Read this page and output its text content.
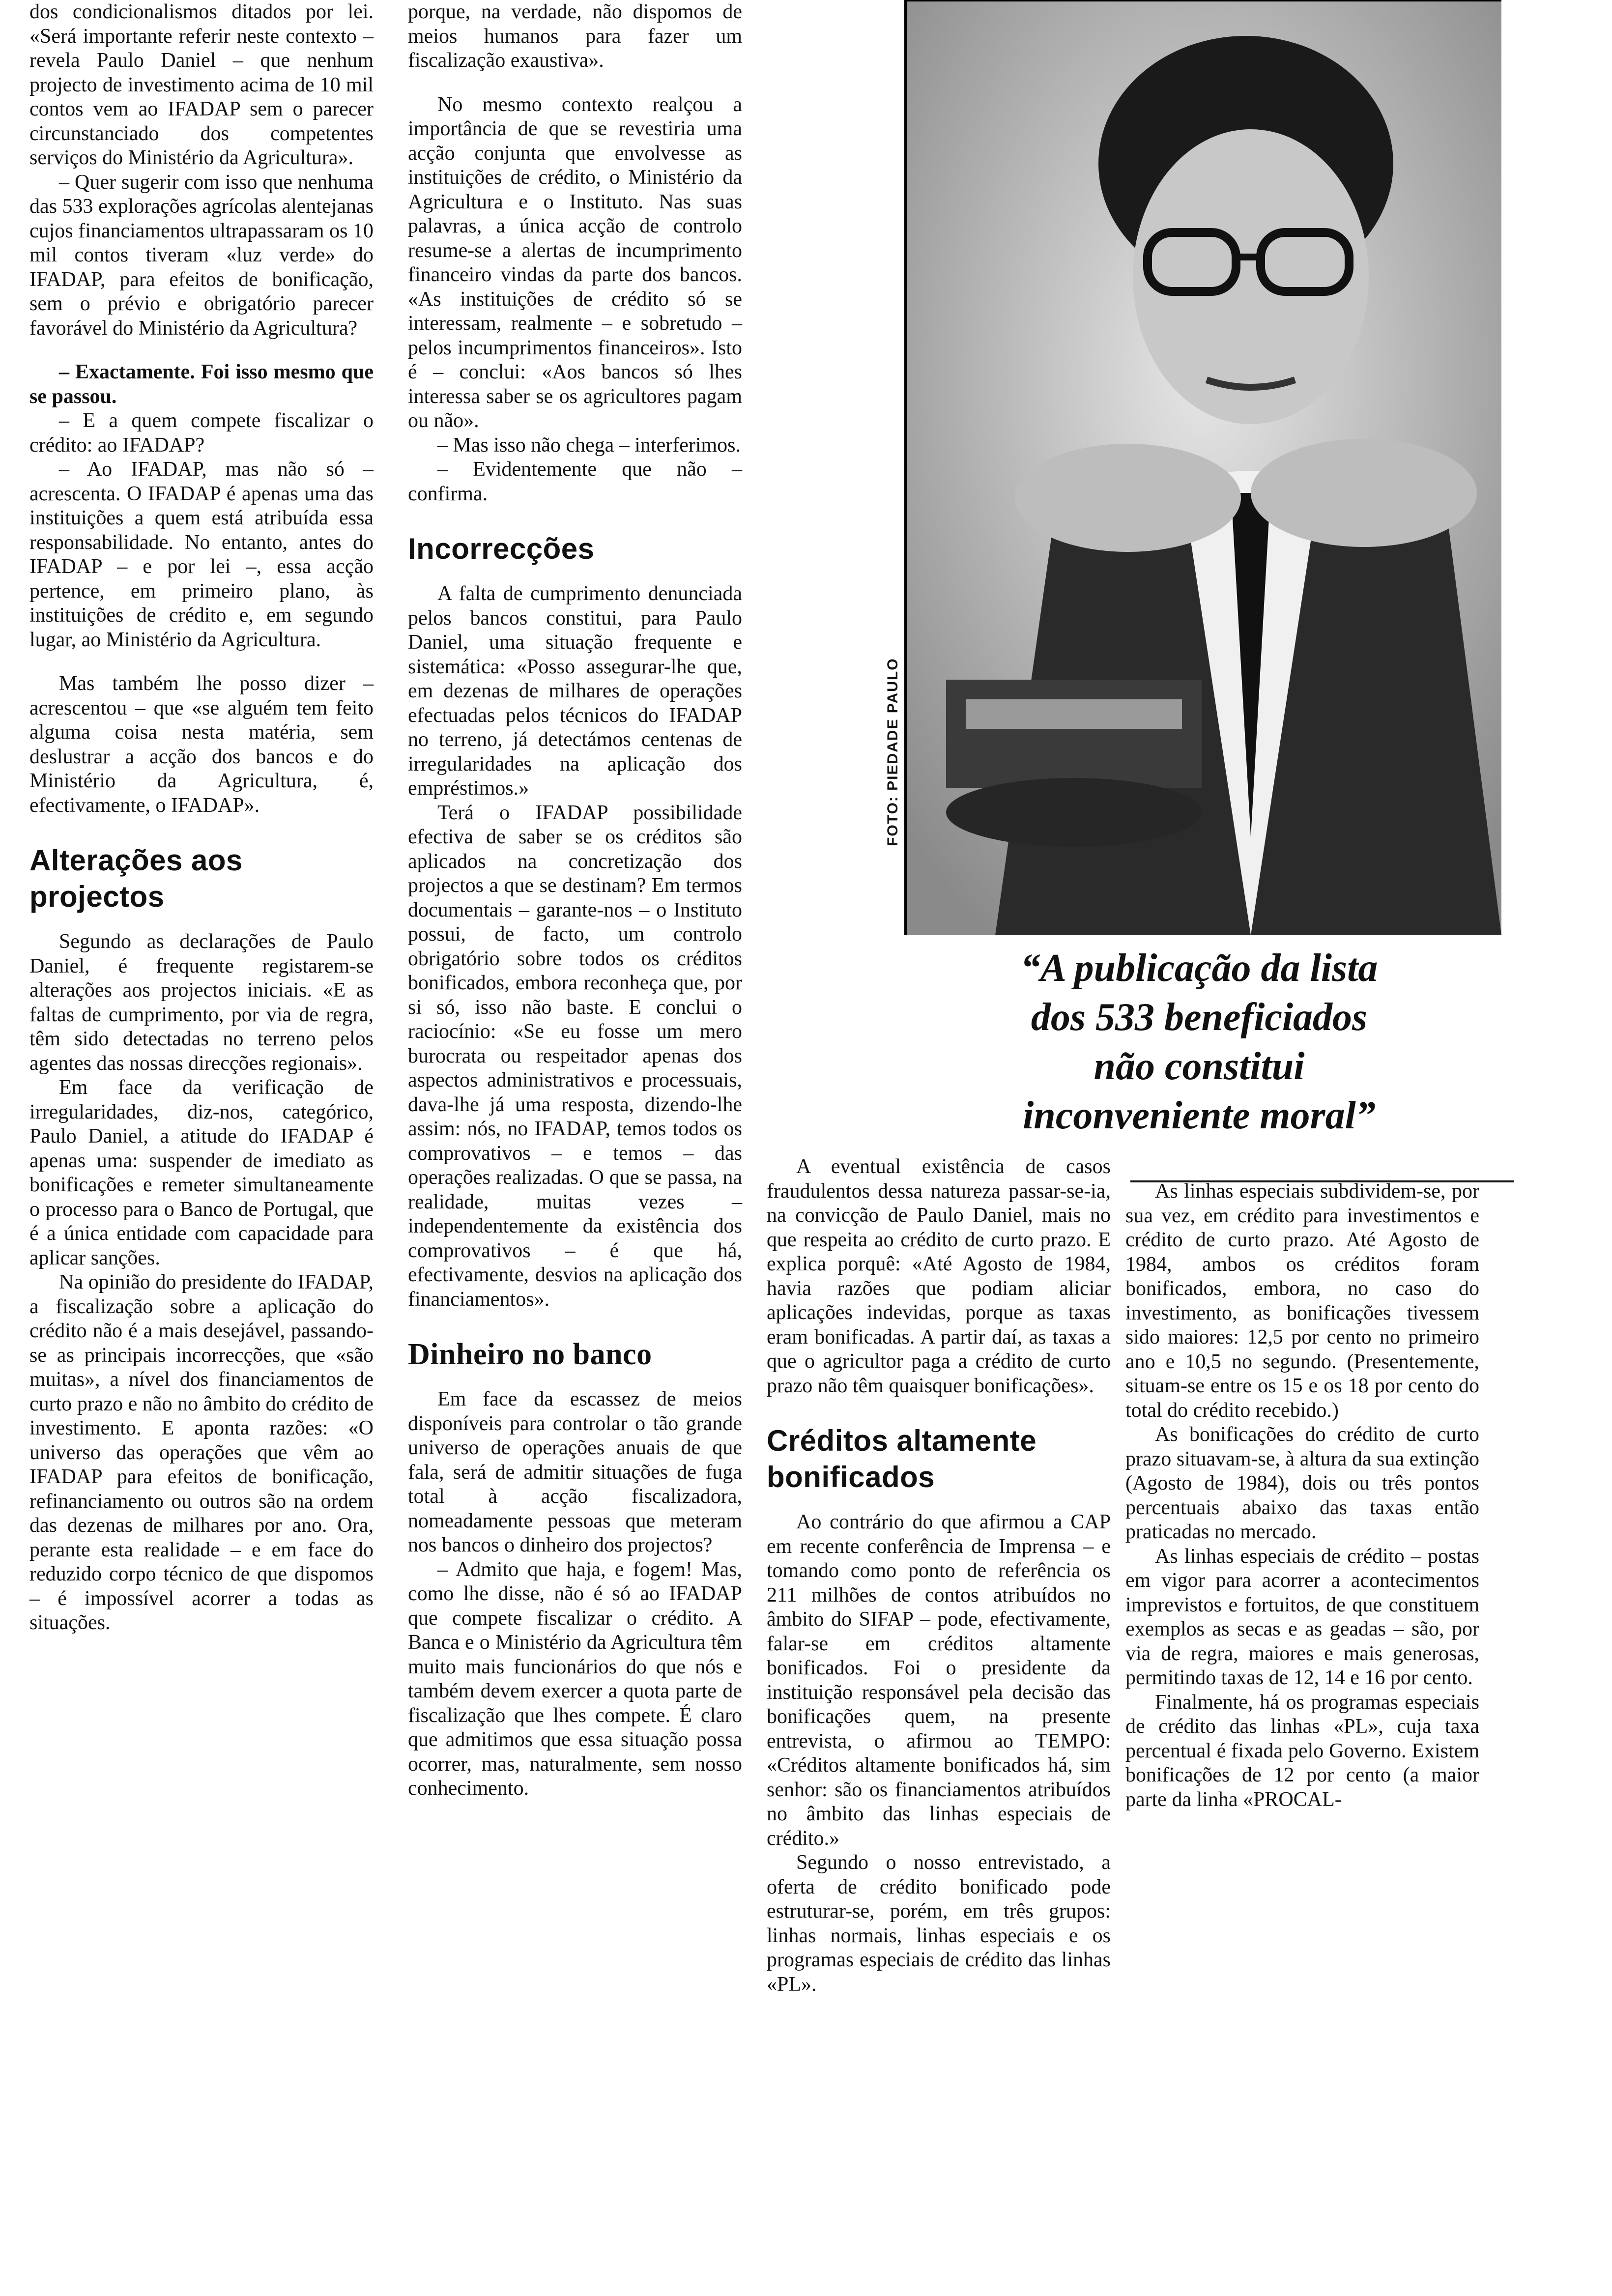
dos condicionalismos ditados por lei. «Será importante referir neste contexto – revela Paulo Daniel – que nenhum projecto de investimento acima de 10 mil contos vem ao IFADAP sem o parecer circunstanciado dos competentes serviços do Ministério da Agricultura».

– Quer sugerir com isso que nenhuma das 533 explorações agrícolas alentejanas cujos financiamentos ultrapassaram os 10 mil contos tiveram «luz verde» do IFADAP, para efeitos de bonificação, sem o prévio e obrigatório parecer favorável do Ministério da Agricultura?

– Exactamente. Foi isso mesmo que se passou.

– E a quem compete fiscalizar o crédito: ao IFADAP?

– Ao IFADAP, mas não só – acrescenta. O IFADAP é apenas uma das instituições a quem está atribuída essa responsabilidade. No entanto, antes do IFADAP – e por lei –, essa acção pertence, em primeiro plano, às instituições de crédito e, em segundo lugar, ao Ministério da Agricultura.

Mas também lhe posso dizer – acrescentou – que «se alguém tem feito alguma coisa nesta matéria, sem deslustrar a acção dos bancos e do Ministério da Agricultura, é, efectivamente, o IFADAP».

Alterações aos projectos

Segundo as declarações de Paulo Daniel, é frequente registarem-se alterações aos projectos iniciais. «E as faltas de cumprimento, por via de regra, têm sido detectadas no terreno pelos agentes das nossas direcções regionais».

Em face da verificação de irregularidades, diz-nos, categórico, Paulo Daniel, a atitude do IFADAP é apenas uma: suspender de imediato as bonificações e remeter simultaneamente o processo para o Banco de Portugal, que é a única entidade com capacidade para aplicar sanções.

Na opinião do presidente do IFADAP, a fiscalização sobre a aplicação do crédito não é a mais desejável, passando-se as principais incorrecções, que «são muitas», a nível dos financiamentos de curto prazo e não no âmbito do crédito de investimento. E aponta razões: «O universo das operações que vêm ao IFADAP para efeitos de bonificação, refinanciamento ou outros são na ordem das dezenas de milhares por ano. Ora, perante esta realidade – e em face do reduzido corpo técnico de que dispomos – é impossível acorrer a todas as situações.

porque, na verdade, não dispomos de meios humanos para fazer um fiscalização exaustiva».

No mesmo contexto realçou a importância de que se revestiria uma acção conjunta que envolvesse as instituições de crédito, o Ministério da Agricultura e o Instituto. Nas suas palavras, a única acção de controlo resume-se a alertas de incumprimento financeiro vindas da parte dos bancos. «As instituições de crédito só se interessam, realmente – e sobretudo – pelos incumprimentos financeiros». Isto é – conclui: «Aos bancos só lhes interessa saber se os agricultores pagam ou não».

– Mas isso não chega – interferimos.

– Evidentemente que não – confirma.

Incorrecções

A falta de cumprimento denunciada pelos bancos constitui, para Paulo Daniel, uma situação frequente e sistemática: «Posso assegurar-lhe que, em dezenas de milhares de operações efectuadas pelos técnicos do IFADAP no terreno, já detectámos centenas de irregularidades na aplicação dos empréstimos.»

Terá o IFADAP possibilidade efectiva de saber se os créditos são aplicados na concretização dos projectos a que se destinam? Em termos documentais – garante-nos – o Instituto possui, de facto, um controlo obrigatório sobre todos os créditos bonificados, embora reconheça que, por si só, isso não baste. E conclui o raciocínio: «Se eu fosse um mero burocrata ou respeitador apenas dos aspectos administrativos e processuais, dava-lhe já uma resposta, dizendo-lhe assim: nós, no IFADAP, temos todos os comprovativos – e temos – das operações realizadas. O que se passa, na realidade, muitas vezes – independentemente da existência dos comprovativos – é que há, efectivamente, desvios na aplicação dos financiamentos».

Dinheiro no banco

Em face da escassez de meios disponíveis para controlar o tão grande universo de operações anuais de que fala, será de admitir situações de fuga total à acção fiscalizadora, nomeadamente pessoas que meteram nos bancos o dinheiro dos projectos?

– Admito que haja, e fogem! Mas, como lhe disse, não é só ao IFADAP que compete fiscalizar o crédito. A Banca e o Ministério da Agricultura têm muito mais funcionários do que nós e também devem exercer a quota parte de fiscalização que lhes compete. É claro que admitimos que essa situação possa ocorrer, mas, naturalmente, sem nosso conhecimento.

FOTO: PIEDADE PAULO
“A publicação da lista
dos 533 beneficiados
não constitui
inconveniente moral”

A eventual existência de casos fraudulentos dessa natureza passar-se-ia, na convicção de Paulo Daniel, mais no que respeita ao crédito de curto prazo. E explica porquê: «Até Agosto de 1984, havia razões que podiam aliciar aplicações indevidas, porque as taxas eram bonificadas. A partir daí, as taxas a que o agricultor paga a crédito de curto prazo não têm quaisquer bonificações».

Créditos altamente bonificados

Ao contrário do que afirmou a CAP em recente conferência de Imprensa – e tomando como ponto de referência os 211 milhões de contos atribuídos no âmbito do SIFAP – pode, efectivamente, falar-se em créditos altamente bonificados. Foi o presidente da instituição responsável pela decisão das bonificações quem, na presente entrevista, o afirmou ao TEMPO: «Créditos altamente bonificados há, sim senhor: são os financiamentos atribuídos no âmbito das linhas especiais de crédito.»

Segundo o nosso entrevistado, a oferta de crédito bonificado pode estruturar-se, porém, em três grupos: linhas normais, linhas especiais e os programas especiais de crédito das linhas «PL».

As linhas especiais subdividem-se, por sua vez, em crédito para investimentos e crédito de curto prazo. Até Agosto de 1984, ambos os créditos foram bonificados, embora, no caso do investimento, as bonificações tivessem sido maiores: 12,5 por cento no primeiro ano e 10,5 no segundo. (Presentemente, situam-se entre os 15 e os 18 por cento do total do crédito recebido.)

As bonificações do crédito de curto prazo situavam-se, à altura da sua extinção (Agosto de 1984), dois ou três pontos percentuais abaixo das taxas então praticadas no mercado.

As linhas especiais de crédito – postas em vigor para acorrer a acontecimentos imprevistos e fortuitos, de que constituem exemplos as secas e as geadas – são, por via de regra, maiores e mais generosas, permitindo taxas de 12, 14 e 16 por cento.

Finalmente, há os programas especiais de crédito das linhas «PL», cuja taxa percentual é fixada pelo Governo. Existem bonificações de 12 por cento (a maior parte da linha «PROCAL-
